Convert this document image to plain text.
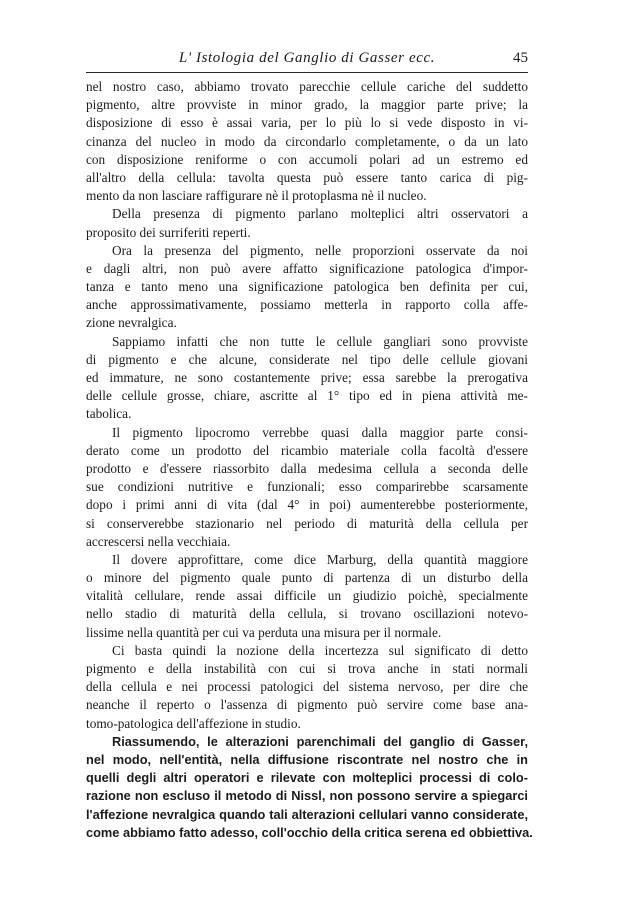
L' Istologia del Ganglio di Gasser ecc.	45
nel nostro caso, abbiamo trovato parecchie cellule cariche del suddetto
pigmento, altre provviste in minor grado, la maggior parte prive; la
disposizione di esso è assai varia, per lo più lo si vede disposto in vi-
cinanza del nucleo in modo da circondarlo completamente, o da un lato
con disposizione reniforme o con accumoli polari ad un estremo ed
all'altro della cellula: tavolta questa può essere tanto carica di pig-
mento da non lasciare raffigurare nè il protoplasma nè il nucleo.
Della presenza di pigmento parlano molteplici altri osservatori a
proposito dei surriferiti reperti.
Ora la presenza del pigmento, nelle proporzioni osservate da noi
e dagli altri, non può avere affatto significazione patologica d'impor-
tanza e tanto meno una significazione patologica ben definita per cui,
anche approssimativamente, possiamo metterla in rapporto colla affe-
zione nevralgica.
Sappiamo infatti che non tutte le cellule gangliari sono provviste
di pigmento e che alcune, considerate nel tipo delle cellule giovani
ed immature, ne sono costantemente prive; essa sarebbe la prerogativa
delle cellule grosse, chiare, ascritte al 1° tipo ed in piena attività me-
tabolica.
Il pigmento lipocromo verrebbe quasi dalla maggior parte consi-
derato come un prodotto del ricambio materiale colla facoltà d'essere
prodotto e d'essere riassorbito dalla medesima cellula a seconda delle
sue condizioni nutritive e funzionali; esso comparirebbe scarsamente
dopo i primi anni di vita (dal 4° in poi) aumenterebbe posteriormente,
si conserverebbe stazionario nel periodo di maturità della cellula per
accrescersi nella vecchiaia.
Il dovere approfittare, come dice Marburg, della quantità maggiore
o minore del pigmento quale punto di partenza di un disturbo della
vitalità cellulare, rende assai difficile un giudizio poichè, specialmente
nello stadio di maturità della cellula, si trovano oscillazioni notevo-
lissime nella quantità per cui va perduta una misura per il normale.
Ci basta quindi la nozione della incertezza sul significato di detto
pigmento e della instabilità con cui si trova anche in stati normali
della cellula e nei processi patologici del sistema nervoso, per dire che
neanche il reperto o l'assenza di pigmento può servire come base ana-
tomo-patologica dell'affezione in studio.
Riassumendo, le alterazioni parenchimali del ganglio di Gasser,
nel modo, nell'entità, nella diffusione riscontrate nel nostro che in
quelli degli altri operatori e rilevate con molteplici processi di colo-
razione non escluso il metodo di Nissl, non possono servire a spiegarci
l'affezione nevralgica quando tali alterazioni cellulari vanno considerate,
come abbiamo fatto adesso, coll'occhio della critica serena ed obbiettiva.
